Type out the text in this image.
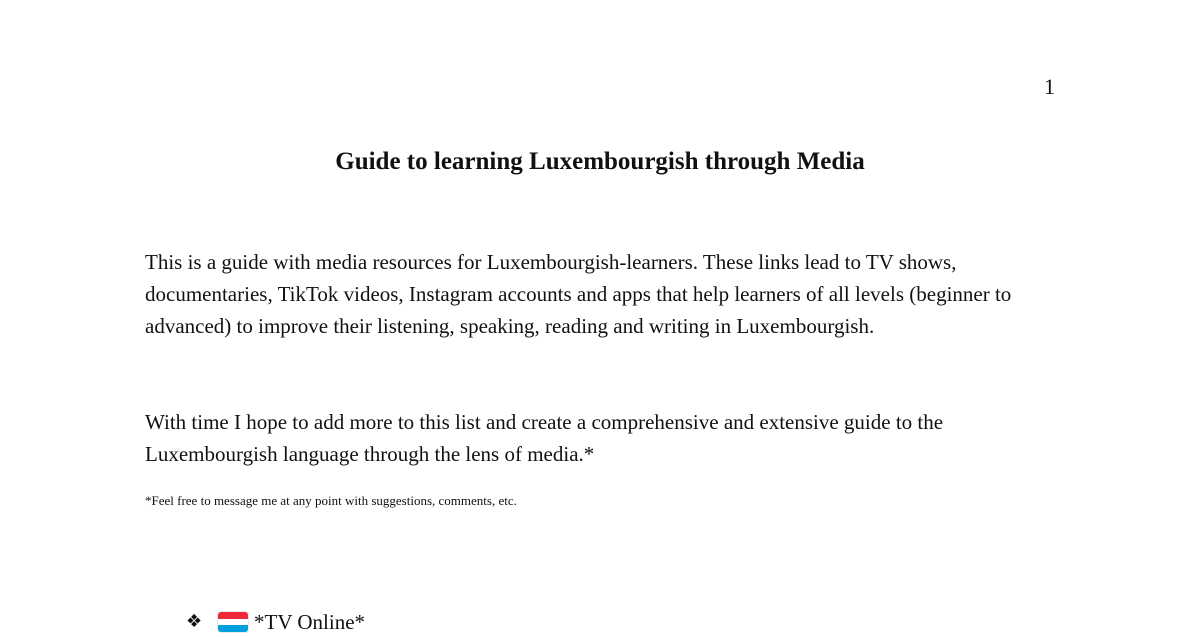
1
Guide to learning Luxembourgish through Media

This is a guide with media resources for Luxembourgish-learners. These links lead to TV shows, documentaries, TikTok videos, Instagram accounts and apps that help learners of all levels (beginner to advanced) to improve their listening, speaking, reading and writing in Luxembourgish.

With time I hope to add more to this list and create a comprehensive and extensive guide to the Luxembourgish language through the lens of media.*

*Feel free to message me at any point with suggestions, comments, etc.
❖	*TV Online*
